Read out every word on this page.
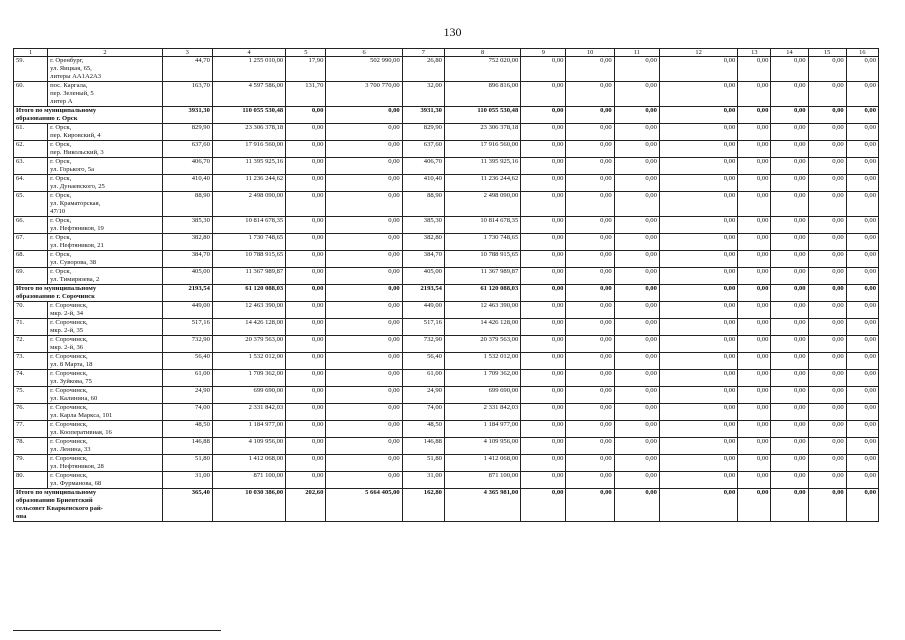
130
1	2	3	4	5	6	7	8	9	10	11	12	13	14	15	16
59.	г. Оренбург,
ул. Яицкая, 65,
литеры АА1А2А3	44,70	1 255 010,00	17,90	502 990,00	26,80	752 020,00	0,00	0,00	0,00	0,00	0,00	0,00	0,00	0,00
60.	пос. Каргала,
пер. Зеленый, 5
литер А	163,70	4 597 586,00	131,70	3 700 770,00	32,00	896 816,00	0,00	0,00	0,00	0,00	0,00	0,00	0,00	0,00

Итого по муниципальному
образованию г. Орск		3931,30	110 055 530,48	0,00	0,00	3931,30	110 055 530,48	0,00	0,00	0,00	0,00	0,00	0,00	0,00	0,00
61.	г. Орск,
пер. Кировский, 4	829,90	23 306 378,18	0,00	0,00	829,90	23 306 378,18	0,00	0,00	0,00	0,00	0,00	0,00	0,00	0,00
62.	г. Орск,
пер. Никольский, 3	637,60	17 916 560,00	0,00	0,00	637,60	17 916 560,00	0,00	0,00	0,00	0,00	0,00	0,00	0,00	0,00
63.	г. Орск,
ул. Горького, 5а	406,70	11 395 925,16	0,00	0,00	406,70	11 395 925,16	0,00	0,00	0,00	0,00	0,00	0,00	0,00	0,00
64.	г. Орск,
ул. Дунаевского, 25	410,40	11 236 244,62	0,00	0,00	410,40	11 236 244,62	0,00	0,00	0,00	0,00	0,00	0,00	0,00	0,00
65.	г. Орск,
ул. Краматорская,
47/10	88,90	2 498 090,00	0,00	0,00	88,90	2 498 090,00	0,00	0,00	0,00	0,00	0,00	0,00	0,00	0,00
66.	г. Орск,
ул. Нефтяников, 19	385,30	10 814 678,35	0,00	0,00	385,30	10 814 678,35	0,00	0,00	0,00	0,00	0,00	0,00	0,00	0,00
67.	г. Орск,
ул. Нефтяников, 21	382,80	1 730 748,65	0,00	0,00	382,80	1 730 748,65	0,00	0,00	0,00	0,00	0,00	0,00	0,00	0,00
68.	г. Орск,
ул. Суворова, 38	384,70	10 788 915,65	0,00	0,00	384,70	10 788 915,65	0,00	0,00	0,00	0,00	0,00	0,00	0,00	0,00
69.	г. Орск,
ул. Тимирязева, 2	405,00	11 367 989,87	0,00	0,00	405,00	11 367 989,87	0,00	0,00	0,00	0,00	0,00	0,00	0,00	0,00

Итого по муниципальному
образованию г. Сорочинск		2193,54	61 120 088,03	0,00	0,00	2193,54	61 120 088,03	0,00	0,00	0,00	0,00	0,00	0,00	0,00	0,00
70.	г. Сорочинск,
мкр. 2-й, 34	449,00	12 463 390,00	0,00	0,00	449,00	12 463 390,00	0,00	0,00	0,00	0,00	0,00	0,00	0,00	0,00
71.	г. Сорочинск,
мкр. 2-й, 35	517,16	14 426 128,00	0,00	0,00	517,16	14 426 128,00	0,00	0,00	0,00	0,00	0,00	0,00	0,00	0,00
72.	г. Сорочинск,
мкр. 2-й, 36	732,90	20 379 563,00	0,00	0,00	732,90	20 379 563,00	0,00	0,00	0,00	0,00	0,00	0,00	0,00	0,00
73.	г. Сорочинск,
ул. 8 Марта, 18	56,40	1 532 012,00	0,00	0,00	56,40	1 532 012,00	0,00	0,00	0,00	0,00	0,00	0,00	0,00	0,00
74.	г. Сорочинск,
ул. Зуйкова, 75	61,00	1 709 362,00	0,00	0,00	61,00	1 709 362,00	0,00	0,00	0,00	0,00	0,00	0,00	0,00	0,00
75.	г. Сорочинск,
ул. Калинина, 60	24,90	699 690,00	0,00	0,00	24,90	699 690,00	0,00	0,00	0,00	0,00	0,00	0,00	0,00	0,00
76.	г. Сорочинск,
ул. Карла Маркса, 101	74,00	2 331 842,03	0,00	0,00	74,00	2 331 842,03	0,00	0,00	0,00	0,00	0,00	0,00	0,00	0,00
77.	г. Сорочинск,
ул. Кооперативная, 16	48,50	1 184 977,00	0,00	0,00	48,50	1 184 977,00	0,00	0,00	0,00	0,00	0,00	0,00	0,00	0,00
78.	г. Сорочинск,
ул. Ленина, 33	146,88	4 109 956,00	0,00	0,00	146,88	4 109 956,00	0,00	0,00	0,00	0,00	0,00	0,00	0,00	0,00
79.	г. Сорочинск,
ул. Нефтяников, 28	51,80	1 412 068,00	0,00	0,00	51,80	1 412 068,00	0,00	0,00	0,00	0,00	0,00	0,00	0,00	0,00
80.	г. Сорочинск,
ул. Фурманова, 68	31,00	871 100,00	0,00	0,00	31,00	871 100,00	0,00	0,00	0,00	0,00	0,00	0,00	0,00	0,00

Итого по муниципальному
образованию Бриентский
сельсовет Кваркенского рай-
она		365,40	10 030 386,00	202,60	5 664 405,00	162,80	4 365 981,00	0,00	0,00	0,00	0,00	0,00	0,00	0,00	0,00
